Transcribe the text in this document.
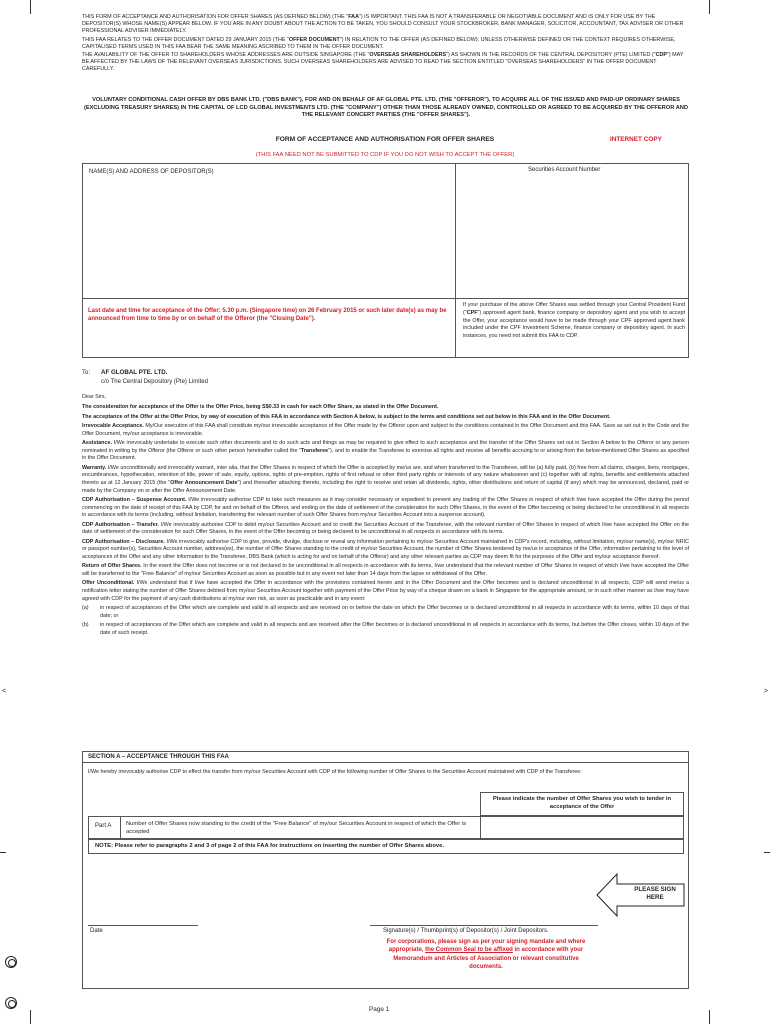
<	>

THIS FORM OF ACCEPTANCE AND AUTHORISATION FOR OFFER SHARES (AS DEFINED BELOW) (THE "FAA") IS IMPORTANT. THIS FAA IS NOT A TRANSFERABLE OR NEGOTIABLE DOCUMENT AND IS ONLY FOR USE BY THE DEPOSITOR(S) WHOSE NAME(S) APPEAR BELOW. IF YOU ARE IN ANY DOUBT ABOUT THE ACTION TO BE TAKEN, YOU SHOULD CONSULT YOUR STOCKBROKER, BANK MANAGER, SOLICITOR, ACCOUNTANT, TAX ADVISER OR OTHER PROFESSIONAL ADVISER IMMEDIATELY.

THIS FAA RELATES TO THE OFFER DOCUMENT DATED 29 JANUARY 2015 (THE "OFFER DOCUMENT") IN RELATION TO THE OFFER (AS DEFINED BELOW). UNLESS OTHERWISE DEFINED OR THE CONTEXT REQUIRES OTHERWISE, CAPITALISED TERMS USED IN THIS FAA BEAR THE SAME MEANING ASCRIBED TO THEM IN THE OFFER DOCUMENT.

THE AVAILABILITY OF THE OFFER TO SHAREHOLDERS WHOSE ADDRESSES ARE OUTSIDE SINGAPORE (THE "OVERSEAS SHAREHOLDERS") AS SHOWN IN THE RECORDS OF THE CENTRAL DEPOSITORY (PTE) LIMITED ("CDP") MAY BE AFFECTED BY THE LAWS OF THE RELEVANT OVERSEAS JURISDICTIONS. SUCH OVERSEAS SHAREHOLDERS ARE ADVISED TO READ THE SECTION ENTITLED "OVERSEAS SHAREHOLDERS" IN THE OFFER DOCUMENT CAREFULLY.

VOLUNTARY CONDITIONAL CASH OFFER BY DBS BANK LTD. ("DBS BANK"), FOR AND ON BEHALF OF AF GLOBAL PTE. LTD. (THE "OFFEROR"), TO ACQUIRE ALL OF THE ISSUED AND PAID-UP ORDINARY SHARES (EXCLUDING TREASURY SHARES) IN THE CAPITAL OF LCD GLOBAL INVESTMENTS LTD. (THE "COMPANY") OTHER THAN THOSE ALREADY OWNED, CONTROLLED OR AGREED TO BE ACQUIRED BY THE OFFEROR AND THE RELEVANT CONCERT PARTIES (THE "OFFER SHARES").
FORM OF ACCEPTANCE AND AUTHORISATION FOR OFFER SHARES	INTERNET COPY
(THIS FAA NEED NOT BE SUBMITTED TO CDP IF YOU DO NOT WISH TO ACCEPT THE OFFER)
NAME(S) AND ADDRESS OF DEPOSITOR(S)	Securities Account Number
Last date and time for acceptance of the Offer: 5.30 p.m. (Singapore time) on 26 February 2015 or such later date(s) as may be announced from time to time by or on behalf of the Offeror (the "Closing Date").
If your purchase of the above Offer Shares was settled through your Central Provident Fund ("CPF") approved agent bank, finance company or depository agent and you wish to accept the Offer, your acceptance would have to be made through your CPF approved agent bank included under the CPF Investment Scheme, finance company or depository agent. In such instances, you need not submit this FAA to CDP.
To: AF GLOBAL PTE. LTD.
c/o The Central Depository (Pte) Limited

Dear Sirs,

The consideration for acceptance of the Offer is the Offer Price, being S$0.33 in cash for each Offer Share, as stated in the Offer Document.

The acceptance of the Offer at the Offer Price, by way of execution of this FAA in accordance with Section A below, is subject to the terms and conditions set out below in this FAA and in the Offer Document.

Irrevocable Acceptance. My/Our execution of this FAA shall constitute my/our irrevocable acceptance of the Offer made by the Offeror upon and subject to the conditions contained in the Offer Document and this FAA. Save as set out in the Code and the Offer Document, my/our acceptance is irrevocable.

Assistance. I/We irrevocably undertake to execute such other documents and to do such acts and things as may be required to give effect to such acceptance and the transfer of the Offer Shares set out in Section A below to the Offeror or any person nominated in writing by the Offeror (the Offeror or such other person hereinafter called the "Transferee"), and to enable the Transferee to exercise all rights and receive all benefits accruing to or arising from the below-mentioned Offer Shares as specified in the Offer Document.

Warranty. I/We unconditionally and irrevocably warrant, inter alia, that the Offer Shares in respect of which the Offer is accepted by me/us are, and when transferred to the Transferee, will be (a) fully paid, (b) free from all claims, charges, liens, mortgages, encumbrances, hypothecation, retention of title, power of sale, equity, options, rights of pre-emption, rights of first refusal or other third party rights or interests of any nature whatsoever and (c) together with all rights, benefits and entitlements attached thereto as at 12 January 2015 (the "Offer Announcement Date") and thereafter attaching thereto, including the right to receive and retain all dividends, rights, other distributions and return of capital (if any) which may be announced, declared, paid or made by the Company on or after the Offer Announcement Date.

CDP Authorisation – Suspense Account. I/We irrevocably authorise CDP to take such measures as it may consider necessary or expedient to prevent any trading of the Offer Shares in respect of which I/we have accepted the Offer during the period commencing on the date of receipt of this FAA by CDP, for and on behalf of the Offeror, and ending on the date of settlement of the consideration for such Offer Shares, in the event of the Offer becoming or being declared to be unconditional in all respects in accordance with its terms (including, without limitation, transferring the relevant number of such Offer Shares from my/our Securities Account into a suspense account).

CDP Authorisation – Transfer. I/We irrevocably authorise CDP to debit my/our Securities Account and to credit the Securities Account of the Transferee, with the relevant number of Offer Shares in respect of which I/we have accepted the Offer on the date of settlement of the consideration for such Offer Shares, in the event of the Offer becoming or being declared to be unconditional in all respects in accordance with its terms.

CDP Authorisation – Disclosure. I/We irrevocably authorise CDP to give, provide, divulge, disclose or reveal any information pertaining to my/our Securities Account maintained in CDP's record, including, without limitation, my/our name(s), my/our NRIC or passport number(s), Securities Account number, address(es), the number of Offer Shares standing to the credit of my/our Securities Account, the number of Offer Shares tendered by me/us in acceptance of the Offer, information pertaining to the level of acceptances of the Offer and any other information to the Transferee, DBS Bank (which is acting for and on behalf of the Offeror) and any other relevant parties as CDP may deem fit for the purposes of the Offer and my/our acceptance thereof.

Return of Offer Shares. In the event the Offer does not become or is not declared to be unconditional in all respects in accordance with its terms, I/we understand that the relevant number of Offer Shares in respect of which I/we have accepted the Offer will be transferred to the "Free Balance" of my/our Securities Account as soon as possible but in any event not later than 14 days from the lapse or withdrawal of the Offer.

Offer Unconditional. I/We understand that if I/we have accepted the Offer in accordance with the provisions contained herein and in the Offer Document and the Offer becomes and is declared unconditional in all respects, CDP will send me/us a notification letter stating the number of Offer Shares debited from my/our Securities Account together with payment of the Offer Price by way of a cheque drawn on a bank in Singapore for the appropriate amount, or in such other manner as I/we may have agreed with CDP for the payment of any cash distributions at my/our own risk, as soon as practicable and in any event:

(a)	in respect of acceptances of the Offer which are complete and valid in all respects and are received on or before the date on which the Offer becomes or is declared unconditional in all respects in accordance with its terms, within 10 days of that date; or
(b)	in respect of acceptances of the Offer which are complete and valid in all respects and are received after the Offer becomes or is declared unconditional in all respects in accordance with its terms, but before the Offer closes, within 10 days of the date of such receipt.
SECTION A – ACCEPTANCE THROUGH THIS FAA
I/We hereby irrevocably authorise CDP to effect the transfer from my/our Securities Account with CDP of the following number of Offer Shares to the Securities Account maintained with CDP of the Transferee:
Please indicate the number of Offer Shares you wish to tender in acceptance of the Offer
Part A	Number of Offer Shares now standing to the credit of the "Free Balance" of my/our Securities Account in respect of which the Offer is accepted
NOTE: Please refer to paragraphs 2 and 3 of page 2 of this FAA for instructions on inserting the number of Offer Shares above.
PLEASE SIGN HERE
Date	Signature(s) / Thumbprint(s) of Depositor(s) / Joint Depositors.
For corporations, please sign as per your signing mandate and where appropriate, the Common Seal to be affixed in accordance with your Memorandum and Articles of Association or relevant constitutive documents.
Page 1
